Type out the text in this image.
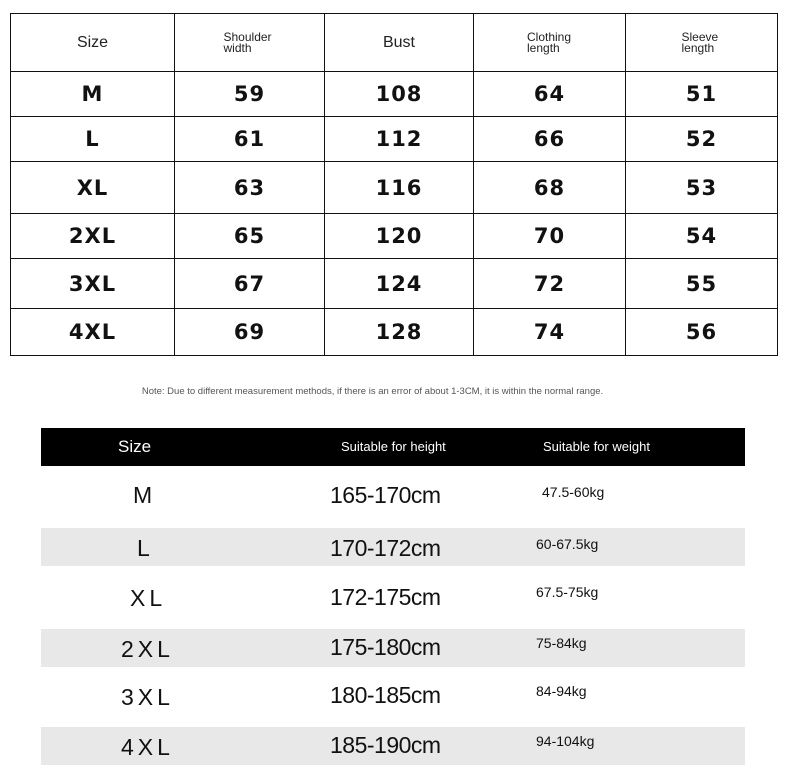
Size	Shoulder width	Bust	Clothing length	Sleeve length

M	59	108	64	51
L	61	112	66	52
XL	63	116	68	53
2XL	65	120	70	54
3XL	67	124	72	55
4XL	69	128	74	56
Note: Due to different measurement methods, if there is an error of about 1-3CM, it is within the normal range.
Size	Suitable for height	Suitable for weight
M	165-170cm	47.5-60kg
L	170-172cm	60-67.5kg
XL	172-175cm	67.5-75kg
2XL	175-180cm	75-84kg
3XL	180-185cm	84-94kg
4XL	185-190cm	94-104kg
